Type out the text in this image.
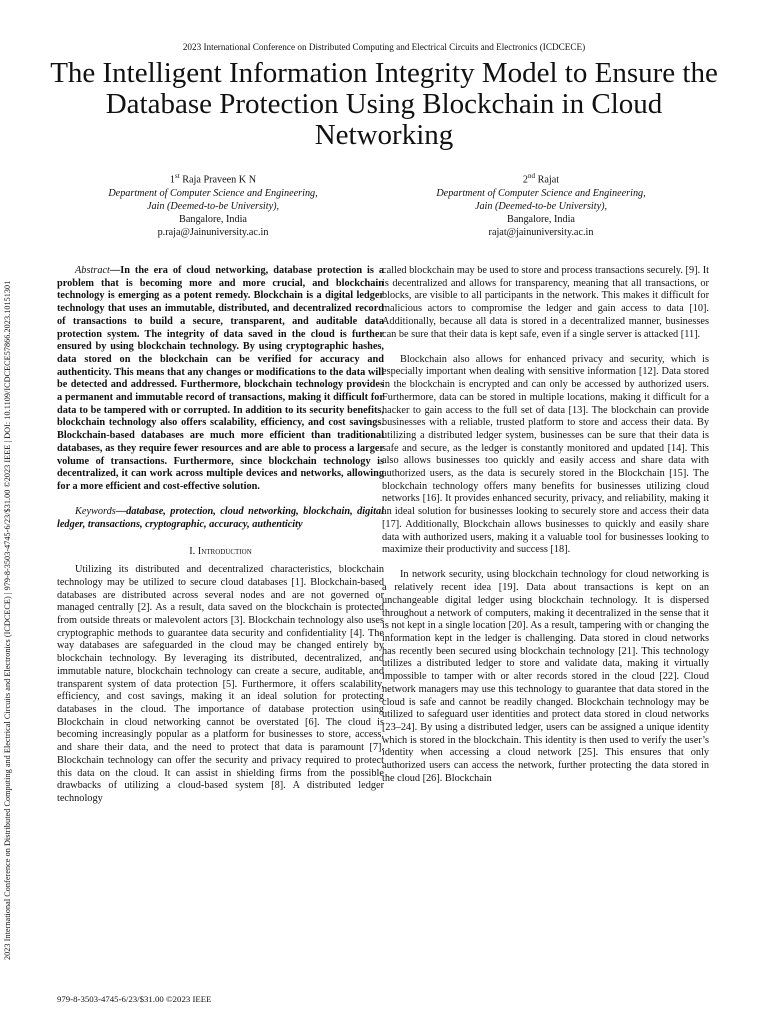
2023 International Conference on Distributed Computing and Electrical Circuits and Electronics (ICDCECE)
2023 International Conference on Distributed Computing and Electrical Circuits and Electronics (ICDCECE) | 979-8-3503-4745-6/23/$31.00 ©2023 IEEE | DOI: 10.1109/ICDCECE57866.2023.10151301
The Intelligent Information Integrity Model to Ensure the Database Protection Using Blockchain in Cloud Networking
1st Raja Praveen K N
Department of Computer Science and Engineering,
Jain (Deemed-to-be University),
Bangalore, India
p.raja@Jainuniversity.ac.in
2nd Rajat
Department of Computer Science and Engineering,
Jain (Deemed-to-be University),
Bangalore, India
rajat@jainuniversity.ac.in

Abstract—In the era of cloud networking, database protection is a problem that is becoming more and more crucial, and blockchain technology is emerging as a potent remedy. Blockchain is a digital ledger technology that uses an immutable, distributed, and decentralized record of transactions to build a secure, transparent, and auditable data protection system. The integrity of data saved in the cloud is further ensured by using blockchain technology. By using cryptographic hashes, data stored on the blockchain can be verified for accuracy and authenticity. This means that any changes or modifications to the data will be detected and addressed. Furthermore, blockchain technology provides a permanent and immutable record of transactions, making it difficult for data to be tampered with or corrupted. In addition to its security benefits, blockchain technology also offers scalability, efficiency, and cost savings. Blockchain-based databases are much more efficient than traditional databases, as they require fewer resources and are able to process a larger volume of transactions. Furthermore, since blockchain technology is decentralized, it can work across multiple devices and networks, allowing for a more efficient and cost-effective solution.

Keywords—database, protection, cloud networking, blockchain, digital ledger, transactions, cryptographic, accuracy, authenticity

I. Introduction

Utilizing its distributed and decentralized characteristics, blockchain technology may be utilized to secure cloud databases [1]. Blockchain-based databases are distributed across several nodes and are not governed or managed centrally [2]. As a result, data saved on the blockchain is protected from outside threats or malevolent actors [3]. Blockchain technology also uses cryptographic methods to guarantee data security and confidentiality [4]. The way databases are safeguarded in the cloud may be changed entirely by blockchain technology. By leveraging its distributed, decentralized, and immutable nature, blockchain technology can create a secure, auditable, and transparent system of data protection [5]. Furthermore, it offers scalability, efficiency, and cost savings, making it an ideal solution for protecting databases in the cloud. The importance of database protection using Blockchain in cloud networking cannot be overstated [6]. The cloud is becoming increasingly popular as a platform for businesses to store, access, and share their data, and the need to protect that data is paramount [7]. Blockchain technology can offer the security and privacy required to protect this data on the cloud. It can assist in shielding firms from the possible drawbacks of utilizing a cloud-based system [8]. A distributed ledger technology

called blockchain may be used to store and process transactions securely. [9]. It is decentralized and allows for transparency, meaning that all transactions, or blocks, are visible to all participants in the network. This makes it difficult for malicious actors to compromise the ledger and gain access to data [10]. Additionally, because all data is stored in a decentralized manner, businesses can be sure that their data is kept safe, even if a single server is attacked [11].

Blockchain also allows for enhanced privacy and security, which is especially important when dealing with sensitive information [12]. Data stored in the blockchain is encrypted and can only be accessed by authorized users. Furthermore, data can be stored in multiple locations, making it difficult for a hacker to gain access to the full set of data [13]. The blockchain can provide businesses with a reliable, trusted platform to store and access their data. By utilizing a distributed ledger system, businesses can be sure that their data is safe and secure, as the ledger is constantly monitored and updated [14]. This also allows businesses too quickly and easily access and share data with authorized users, as the data is securely stored in the Blockchain [15]. The blockchain technology offers many benefits for businesses utilizing cloud networks [16]. It provides enhanced security, privacy, and reliability, making it an ideal solution for businesses looking to securely store and access their data [17]. Additionally, Blockchain allows businesses to quickly and easily share data with authorized users, making it a valuable tool for businesses looking to maximize their productivity and success [18].

In network security, using blockchain technology for cloud networking is a relatively recent idea [19]. Data about transactions is kept on an unchangeable digital ledger using blockchain technology. It is dispersed throughout a network of computers, making it decentralized in the sense that it is not kept in a single location [20]. As a result, tampering with or changing the information kept in the ledger is challenging. Data stored in cloud networks has recently been secured using blockchain technology [21]. This technology utilizes a distributed ledger to store and validate data, making it virtually impossible to tamper with or alter records stored in the cloud [22]. Cloud network managers may use this technology to guarantee that data stored in the cloud is safe and cannot be readily changed. Blockchain technology may be utilized to safeguard user identities and protect data stored in cloud networks [23–24]. By using a distributed ledger, users can be assigned a unique identity which is stored in the blockchain. This identity is then used to verify the user’s identity when accessing a cloud network [25]. This ensures that only authorized users can access the network, further protecting the data stored in the cloud [26]. Blockchain

979-8-3503-4745-6/23/$31.00 ©2023 IEEE
